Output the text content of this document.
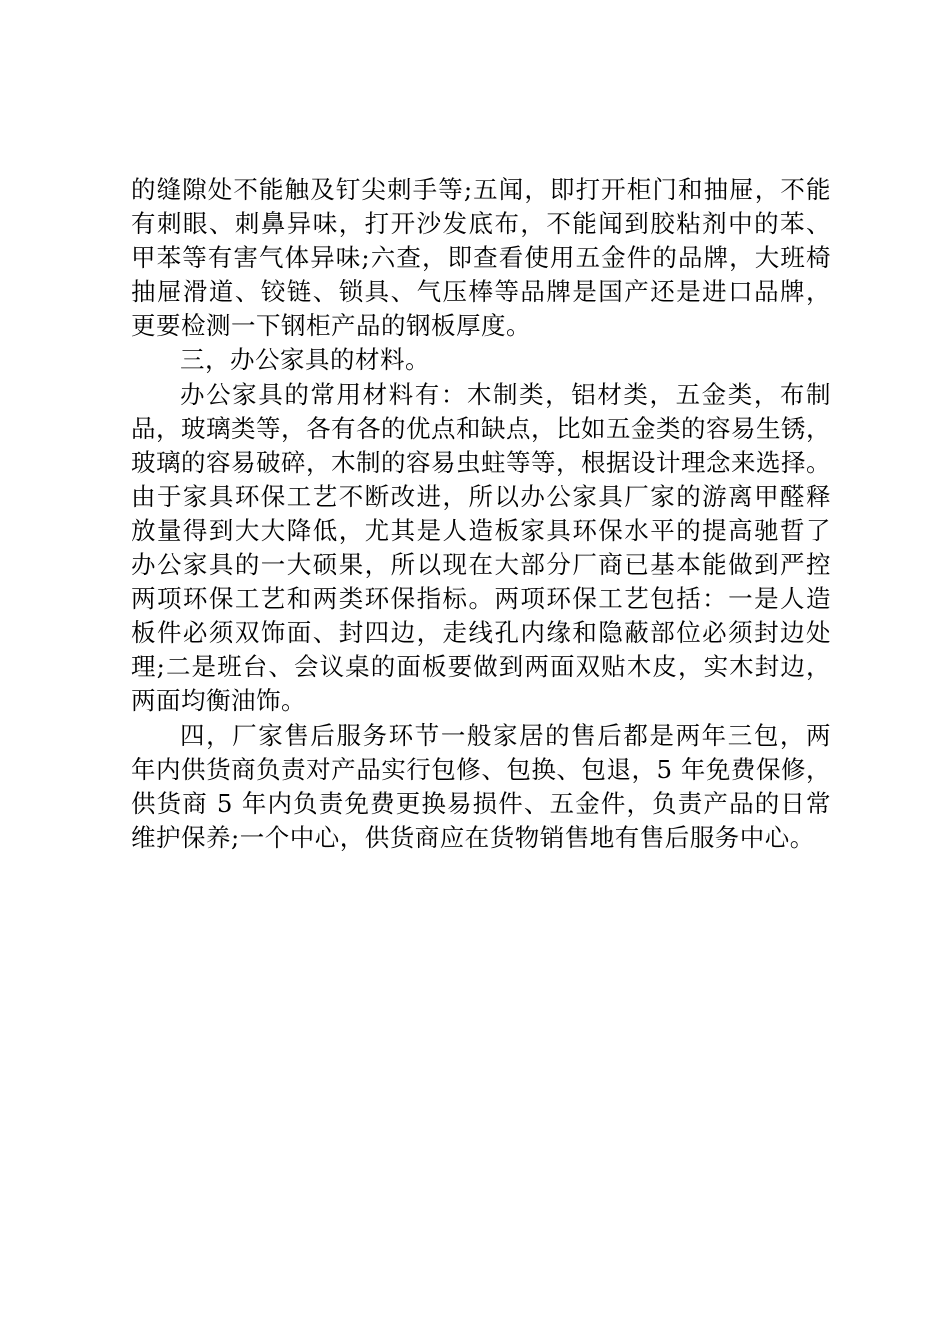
的缝隙处不能触及钉尖刺手等;五闻，即打开柜门和抽屉，不能
有刺眼、刺鼻异味，打开沙发底布，不能闻到胶粘剂中的苯、
甲苯等有害气体异味;六查，即查看使用五金件的品牌，大班椅
抽屉滑道、铰链、锁具、气压棒等品牌是国产还是进口品牌，
更要检测一下钢柜产品的钢板厚度。
三，办公家具的材料。
办公家具的常用材料有：木制类，铝材类，五金类，布制
品，玻璃类等，各有各的优点和缺点，比如五金类的容易生锈，
玻璃的容易破碎，木制的容易虫蛀等等，根据设计理念来选择。
由于家具环保工艺不断改进，所以办公家具厂家的游离甲醛释
放量得到大大降低，尤其是人造板家具环保水平的提高驰晢了
办公家具的一大硕果，所以现在大部分厂商已基本能做到严控
两项环保工艺和两类环保指标。两项环保工艺包括：一是人造
板件必须双饰面、封四边，走线孔内缘和隐蔽部位必须封边处
理;二是班台、会议桌的面板要做到两面双贴木皮，实木封边，
两面均衡油饰。
四，厂家售后服务环节一般家居的售后都是两年三包，两
年内供货商负责对产品实行包修、包换、包退，5 年免费保修，
供货商 5 年内负责免费更换易损件、五金件，负责产品的日常
维护保养;一个中心，供货商应在货物销售地有售后服务中心。
